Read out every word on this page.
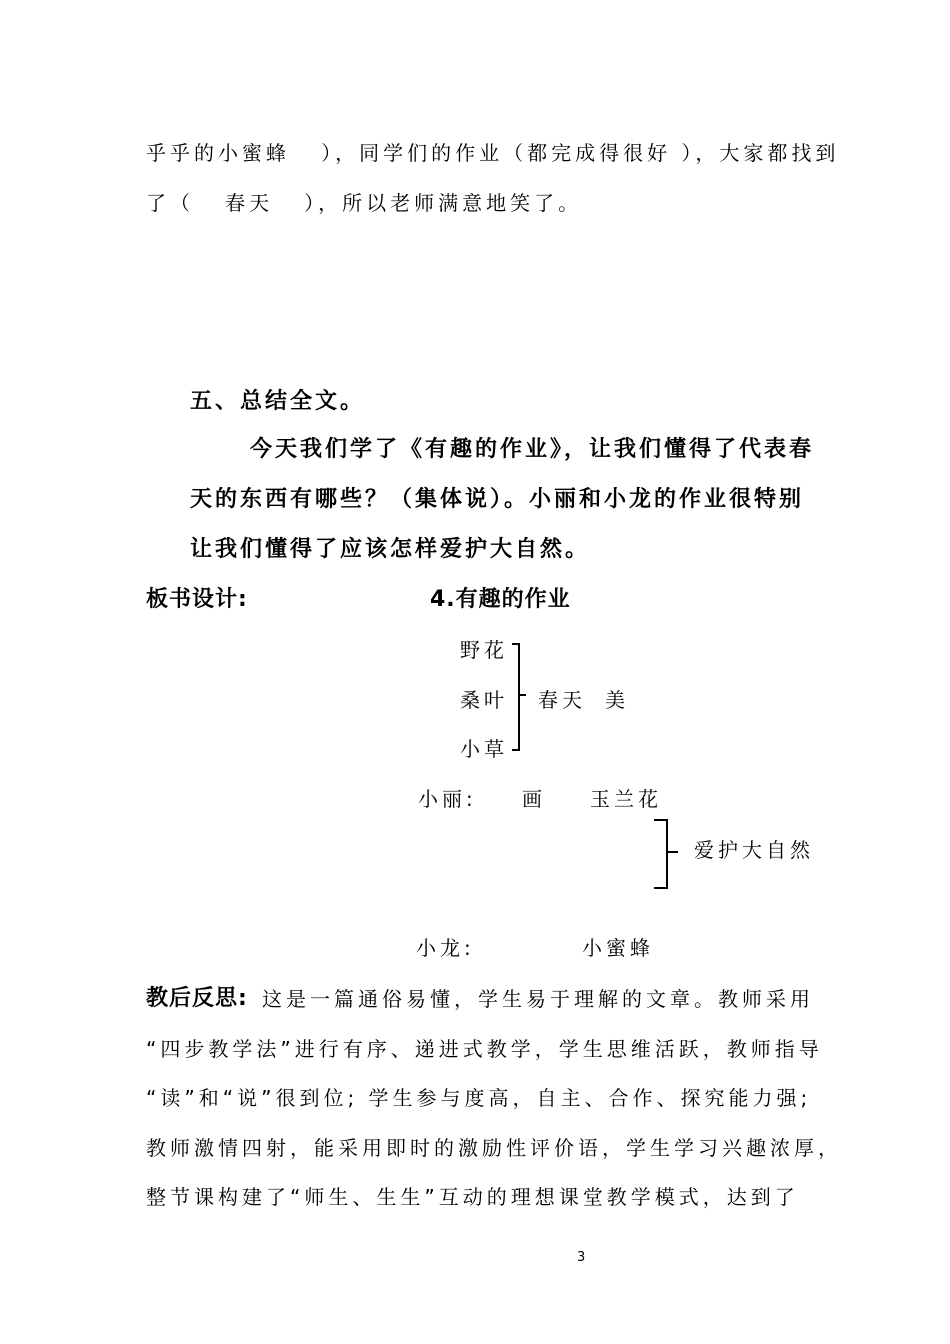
乎乎的小蜜蜂   ），同学们的作业（都完成得很好 ），大家都找到

了（   春天   ），所以老师满意地笑了。

五、总结全文。

今天我们学了《有趣的作业》，让我们懂得了代表春

天的东西有哪些？（集体说）。小丽和小龙的作业很特别

让我们懂得了应该怎样爱护大自然。

板书设计:	4.有趣的作业

野花

桑叶

小草

春天 美

小丽: 画 玉兰花

爱护大自然

小龙:	小蜜蜂

教后反思: 这是一篇通俗易懂，学生易于理解的文章。教师采用

“四步教学法”进行有序、递进式教学，学生思维活跃，教师指导

“读”和“说”很到位; 学生参与度高，自主、合作、探究能力强;

教师激情四射，能采用即时的激励性评价语，学生学习兴趣浓厚，

整节课构建了“师生、生生”互动的理想课堂教学模式，达到了

3
